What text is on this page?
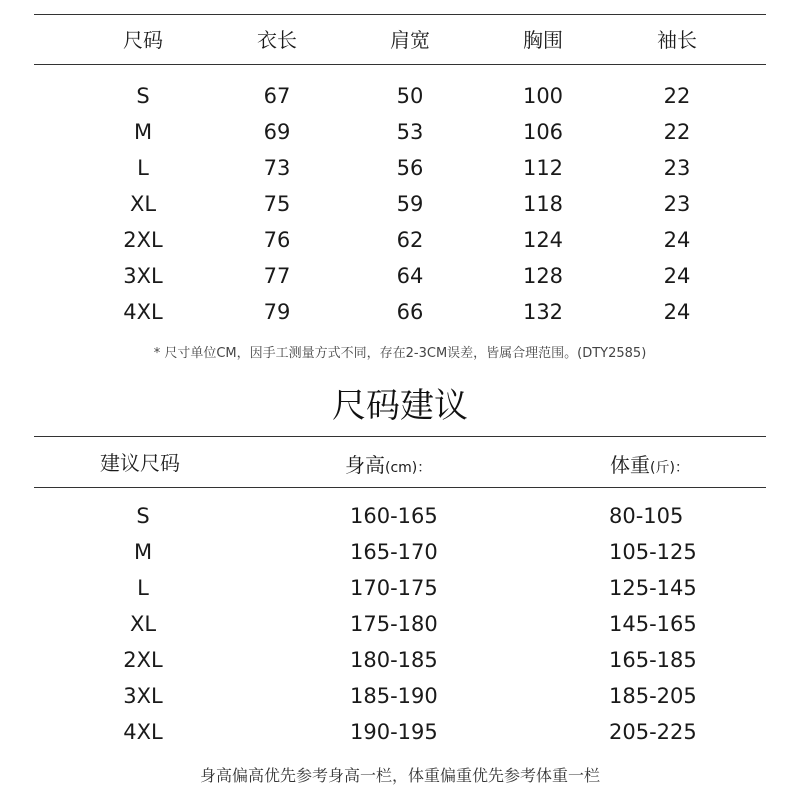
尺码	衣长	肩宽	胸围	袖长
S	67	50	100	22
M	69	53	106	22
L	73	56	112	23
XL	75	59	118	23
2XL	76	62	124	24
3XL	77	64	128	24
4XL	79	66	132	24
* 尺寸单位CM，因手工测量方式不同，存在2-3CM误差，皆属合理范围。(DTY2585)
尺码建议
建议尺码	身高(cm)：	体重(斤)：
S	160-165	80-105
M	165-170	105-125
L	170-175	125-145
XL	175-180	145-165
2XL	180-185	165-185
3XL	185-190	185-205
4XL	190-195	205-225
身高偏高优先参考身高一栏，体重偏重优先参考体重一栏
